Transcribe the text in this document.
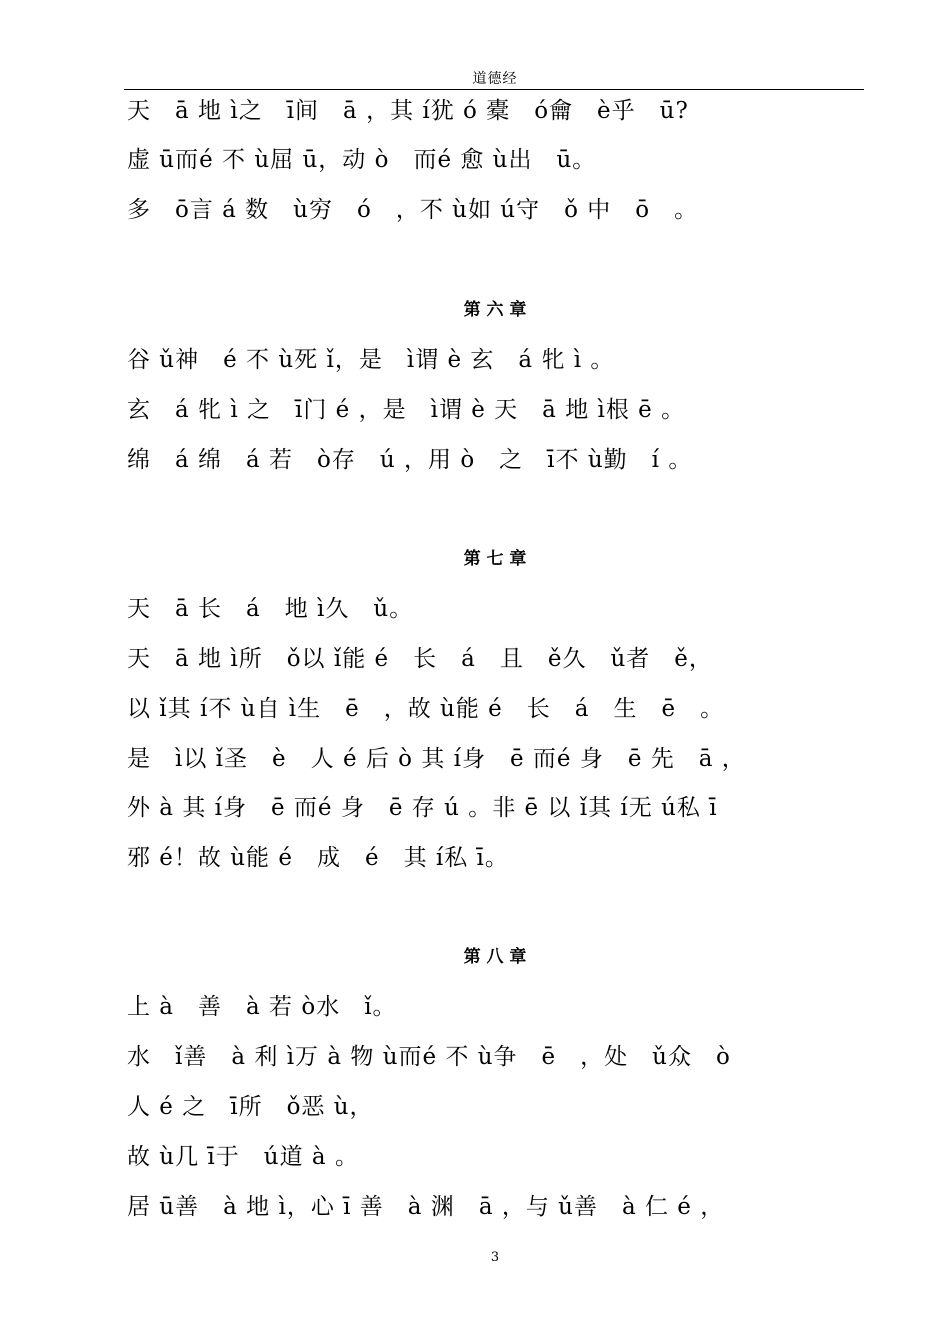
道德经
天　ā 地 ì之　ī间　ā ，其 í犹 ó 橐　ó龠　è乎　ū?
虚 ū而é 不 ù屈 ū，动 ò　而é 愈 ù出　ū。
多　ō言 á 数　ù穷　ó　，不 ù如 ú守　ǒ 中　ō　。
第 六 章
谷 ǔ神　é 不 ù死 ǐ，是　ì谓 è 玄　á 牝 ì 。
玄　á 牝 ì 之　ī门 é ，是　ì谓 è 天　ā 地 ì根 ē 。
绵　á 绵　á 若　ò存　ú ，用 ò　之　ī不 ù勤　í 。
第 七 章
天　ā 长　á　地 ì久　ǔ。
天　ā 地 ì所　ǒ以 ǐ能 é　长　á　且　ě久　ǔ者　ě，
以 ǐ其 í不 ù自 ì生　ē　，故 ù能 é　长　á　生　ē　。
是　ì以 ǐ圣　è　人 é 后 ò 其 í身　ē 而é 身　ē 先　ā ，
外 à 其 í身　ē 而é 身　ē 存 ú 。非 ē 以 ǐ其 í无 ú私 ī
邪 é！故 ù能 é　成　é　其 í私 ī。
第 八 章
上 à　善　à 若 ò水　ǐ。
水　ǐ善　à 利 ì万 à 物 ù而é 不 ù争　ē　，处　ǔ众　ò
人 é 之　ī所　ǒ恶 ù，
故 ù几 ī于　ú道 à 。
居 ū善　à 地 ì，心 ī 善　à 渊　ā ，与 ǔ善　à 仁 é ，
3
